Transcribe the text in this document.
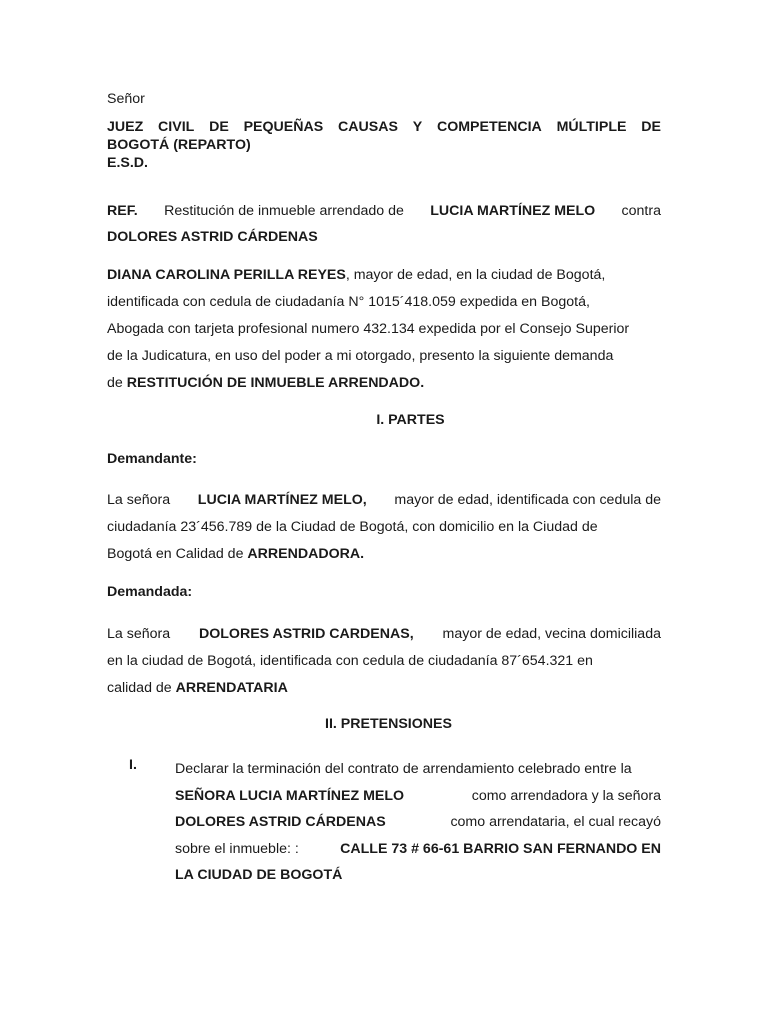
Señor
JUEZ CIVIL DE PEQUEÑAS CAUSAS Y COMPETENCIA MÚLTIPLE DE
BOGOTÁ (REPARTO)
E.S.D.
REF. Restitución de inmueble arrendado de LUCIA MARTÍNEZ MELO contra
DOLORES ASTRID CÁRDENAS
DIANA CAROLINA PERILLA REYES, mayor de edad, en la ciudad de Bogotá,
identificada con cedula de ciudadanía N° 1015´418.059 expedida en Bogotá,
Abogada con tarjeta profesional numero 432.134 expedida por el Consejo Superior
de la Judicatura, en uso del poder a mi otorgado, presento la siguiente demanda
de RESTITUCIÓN DE INMUEBLE ARRENDADO.
I. PARTES
Demandante:
La señora LUCIA MARTÍNEZ MELO, mayor de edad, identificada con cedula de
ciudadanía 23´456.789 de la Ciudad de Bogotá, con domicilio en la Ciudad de
Bogotá en Calidad de ARRENDADORA.
Demandada:
La señora DOLORES ASTRID CARDENAS, mayor de edad, vecina domiciliada
en la ciudad de Bogotá, identificada con cedula de ciudadanía 87´654.321 en
calidad de ARRENDATARIA
II. PRETENSIONES
I.	Declarar la terminación del contrato de arrendamiento celebrado entre la
SEÑORA LUCIA MARTÍNEZ MELO	como arrendadora y la señora
DOLORES ASTRID CÁRDENAS	como arrendataria, el cual recayó
sobre el inmueble: :	CALLE 73 # 66-61 BARRIO SAN FERNANDO EN
LA CIUDAD DE BOGOTÁ
